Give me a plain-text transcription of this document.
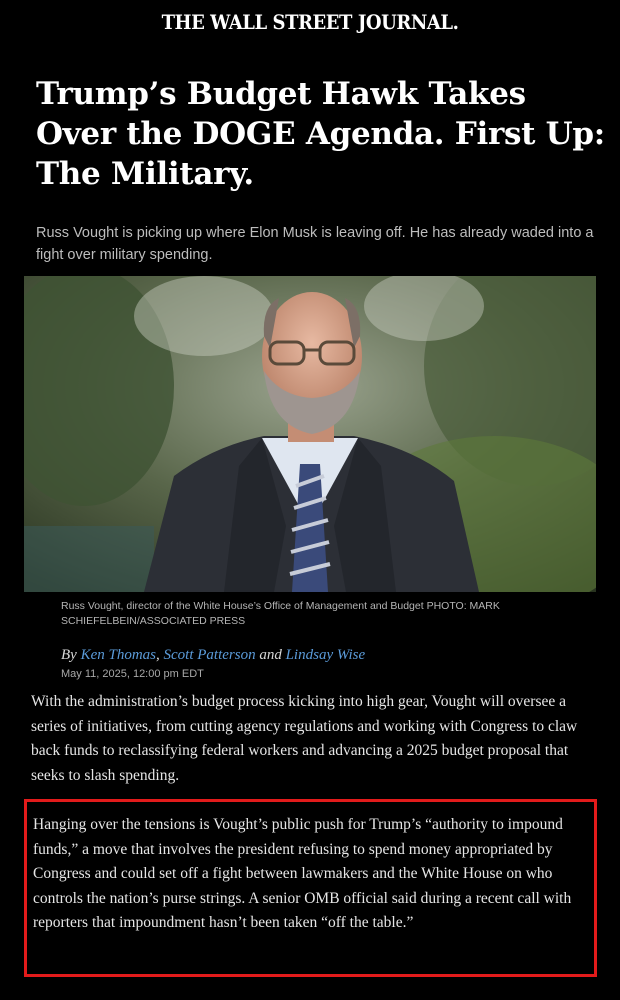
THE WALL STREET JOURNAL.
Trump’s Budget Hawk Takes Over the DOGE Agenda. First Up: The Military.

Russ Vought is picking up where Elon Musk is leaving off. He has already waded into a fight over military spending.

Russ Vought, director of the White House’s Office of Management and Budget PHOTO: MARK SCHIEFELBEIN/ASSOCIATED PRESS

By Ken Thomas, Scott Patterson and Lindsay Wise
May 11, 2025, 12:00 pm EDT

With the administration’s budget process kicking into high gear, Vought will oversee a series of initiatives, from cutting agency regulations and working with Congress to claw back funds to reclassifying federal workers and advancing a 2025 budget proposal that seeks to slash spending.

Hanging over the tensions is Vought’s public push for Trump’s “authority to impound funds,” a move that involves the president refusing to spend money appropriated by Congress and could set off a fight between lawmakers and the White House on who controls the nation’s purse strings. A senior OMB official said during a recent call with reporters that impoundment hasn’t been taken “off the table.”
